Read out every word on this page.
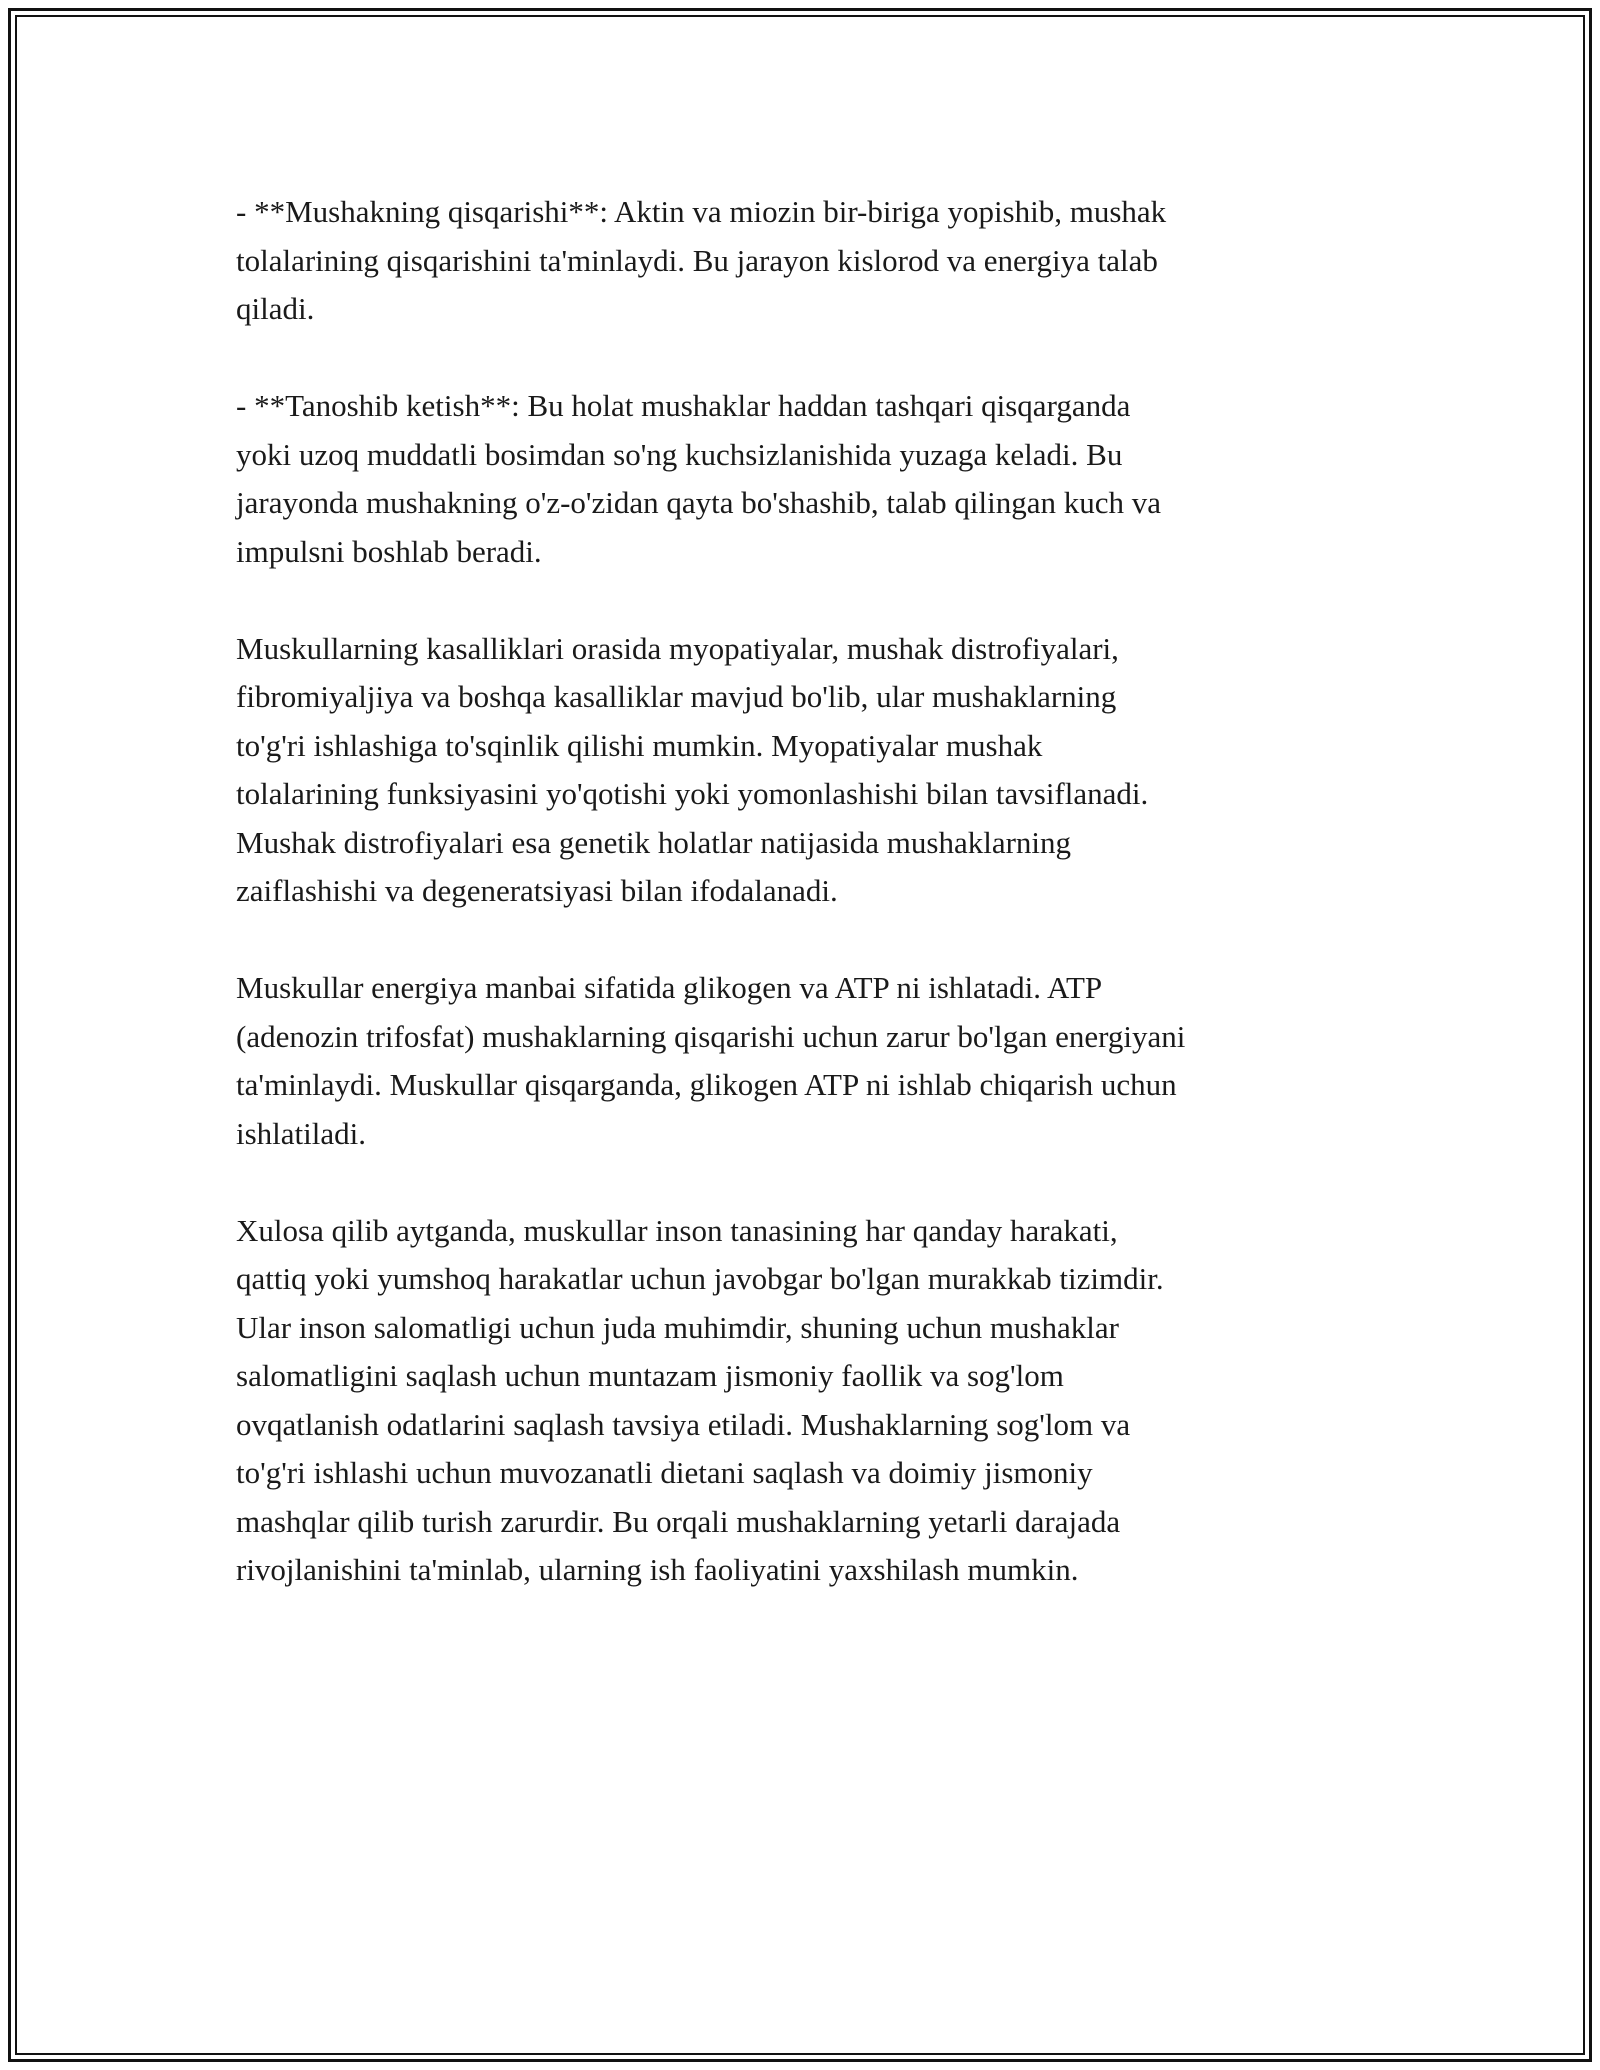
- **Mushakning qisqarishi**: Aktin va miozin bir-biriga yopishib, mushak
tolalarining qisqarishini ta'minlaydi. Bu jarayon kislorod va energiya talab
qiladi.

- **Tanoshib ketish**: Bu holat mushaklar haddan tashqari qisqarganda
yoki uzoq muddatli bosimdan so'ng kuchsizlanishida yuzaga keladi. Bu
jarayonda mushakning o'z-o'zidan qayta bo'shashib, talab qilingan kuch va
impulsni boshlab beradi.

Muskullarning kasalliklari orasida myopatiyalar, mushak distrofiyalari,
fibromiyaljiya va boshqa kasalliklar mavjud bo'lib, ular mushaklarning
to'g'ri ishlashiga to'sqinlik qilishi mumkin. Myopatiyalar mushak
tolalarining funksiyasini yo'qotishi yoki yomonlashishi bilan tavsiflanadi.
Mushak distrofiyalari esa genetik holatlar natijasida mushaklarning
zaiflashishi va degeneratsiyasi bilan ifodalanadi.

Muskullar energiya manbai sifatida glikogen va ATP ni ishlatadi. ATP
(adenozin trifosfat) mushaklarning qisqarishi uchun zarur bo'lgan energiyani
ta'minlaydi. Muskullar qisqarganda, glikogen ATP ni ishlab chiqarish uchun
ishlatiladi.

Xulosa qilib aytganda, muskullar inson tanasining har qanday harakati,
qattiq yoki yumshoq harakatlar uchun javobgar bo'lgan murakkab tizimdir.
Ular inson salomatligi uchun juda muhimdir, shuning uchun mushaklar
salomatligini saqlash uchun muntazam jismoniy faollik va sog'lom
ovqatlanish odatlarini saqlash tavsiya etiladi. Mushaklarning sog'lom va
to'g'ri ishlashi uchun muvozanatli dietani saqlash va doimiy jismoniy
mashqlar qilib turish zarurdir. Bu orqali mushaklarning yetarli darajada
rivojlanishini ta'minlab, ularning ish faoliyatini yaxshilash mumkin.
